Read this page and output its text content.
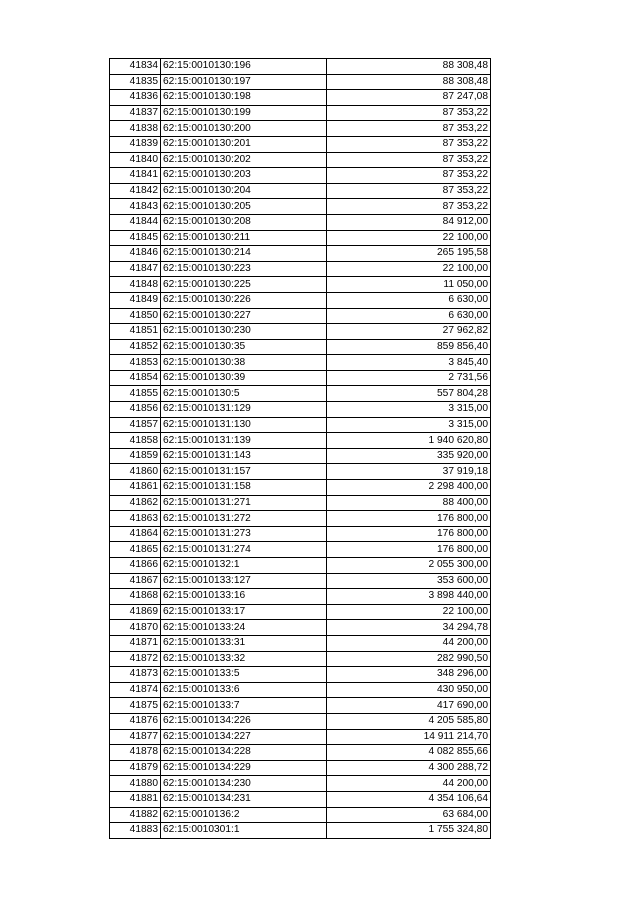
41834	62:15:0010130:196	88 308,48
41835	62:15:0010130:197	88 308,48
41836	62:15:0010130:198	87 247,08
41837	62:15:0010130:199	87 353,22
41838	62:15:0010130:200	87 353,22
41839	62:15:0010130:201	87 353,22
41840	62:15:0010130:202	87 353,22
41841	62:15:0010130:203	87 353,22
41842	62:15:0010130:204	87 353,22
41843	62:15:0010130:205	87 353,22
41844	62:15:0010130:208	84 912,00
41845	62:15:0010130:211	22 100,00
41846	62:15:0010130:214	265 195,58
41847	62:15:0010130:223	22 100,00
41848	62:15:0010130:225	11 050,00
41849	62:15:0010130:226	6 630,00
41850	62:15:0010130:227	6 630,00
41851	62:15:0010130:230	27 962,82
41852	62:15:0010130:35	859 856,40
41853	62:15:0010130:38	3 845,40
41854	62:15:0010130:39	2 731,56
41855	62:15:0010130:5	557 804,28
41856	62:15:0010131:129	3 315,00
41857	62:15:0010131:130	3 315,00
41858	62:15:0010131:139	1 940 620,80
41859	62:15:0010131:143	335 920,00
41860	62:15:0010131:157	37 919,18
41861	62:15:0010131:158	2 298 400,00
41862	62:15:0010131:271	88 400,00
41863	62:15:0010131:272	176 800,00
41864	62:15:0010131:273	176 800,00
41865	62:15:0010131:274	176 800,00
41866	62:15:0010132:1	2 055 300,00
41867	62:15:0010133:127	353 600,00
41868	62:15:0010133:16	3 898 440,00
41869	62:15:0010133:17	22 100,00
41870	62:15:0010133:24	34 294,78
41871	62:15:0010133:31	44 200,00
41872	62:15:0010133:32	282 990,50
41873	62:15:0010133:5	348 296,00
41874	62:15:0010133:6	430 950,00
41875	62:15:0010133:7	417 690,00
41876	62:15:0010134:226	4 205 585,80
41877	62:15:0010134:227	14 911 214,70
41878	62:15:0010134:228	4 082 855,66
41879	62:15:0010134:229	4 300 288,72
41880	62:15:0010134:230	44 200,00
41881	62:15:0010134:231	4 354 106,64
41882	62:15:0010136:2	63 684,00
41883	62:15:0010301:1	1 755 324,80
